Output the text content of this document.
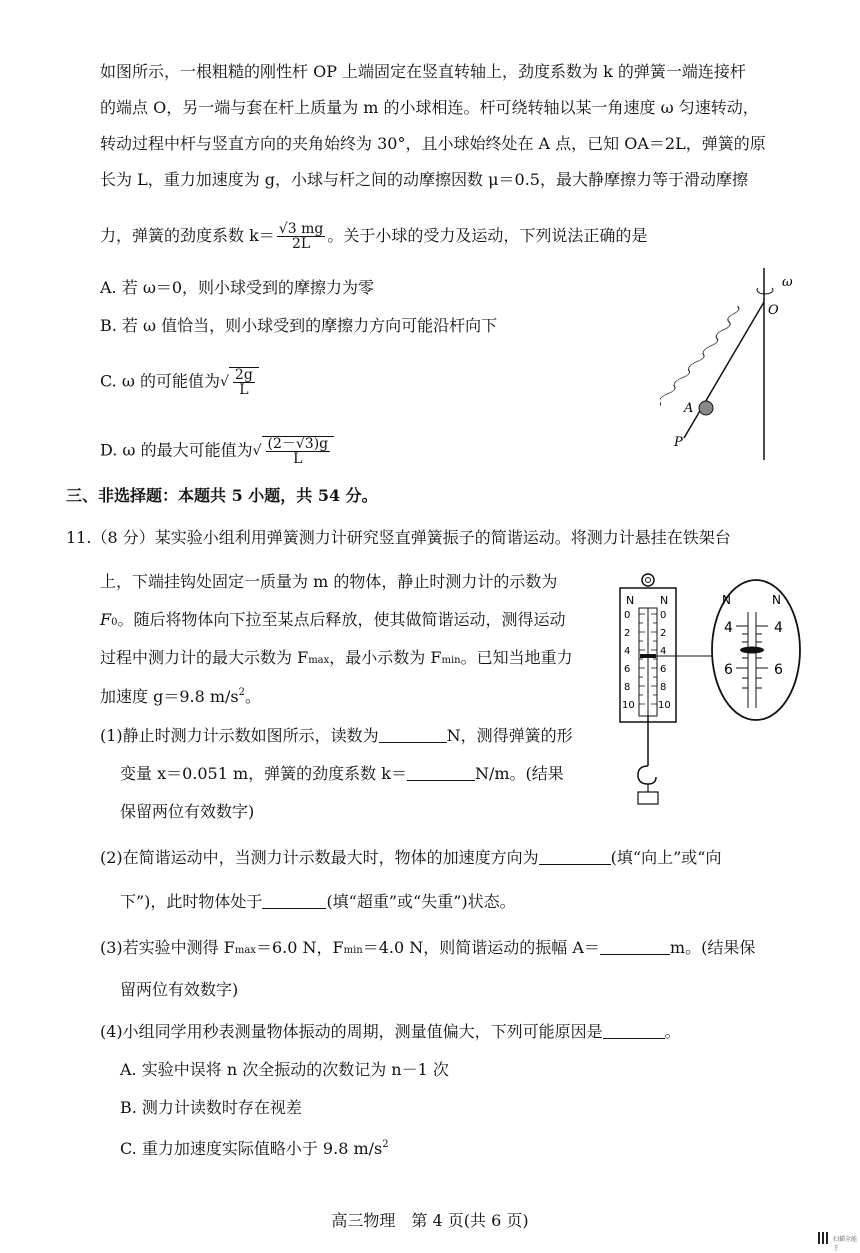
如图所示，一根粗糙的刚性杆 OP 上端固定在竖直转轴上，劲度系数为 k 的弹簧一端连接杆
的端点 O，另一端与套在杆上质量为 m 的小球相连。杆可绕转轴以某一角速度 ω 匀速转动，
转动过程中杆与竖直方向的夹角始终为 30°，且小球始终处在 A 点，已知 OA＝2L，弹簧的原
长为 L，重力加速度为 g，小球与杆之间的动摩擦因数 μ＝0.5，最大静摩擦力等于滑动摩擦
力，弹簧的劲度系数 $k= \frac{√3 mg}{2L}$ 。关于小球的受力及运动，下列说法正确的是
A. 若 ω＝0，则小球受到的摩擦力为零
B. 若 ω 值恰当，则小球受到的摩擦力方向可能沿杆向下
C. ω 的可能值为√ $\frac{2g}{L}$
D. ω 的最大可能值为√ $\frac{(2-√3)g}{L}$
ω
O
A
P
三、非选择题：本题共 5 小题，共 54 分。
11.（8 分）某实验小组利用弹簧测力计研究竖直弹簧振子的简谐运动。将测力计悬挂在铁架台
上，下端挂钩处固定一质量为 m 的物体，静止时测力计的示数为
F0。随后将物体向下拉至某点后释放，使其做简谐运动，测得运动
过程中测力计的最大示数为 Fmax，最小示数为 Fmin。已知当地重力
加速度 g＝9.8 $m/s^2$。
(1)静止时测力计示数如图所示，读数为	N，测得弹簧的形
变量 x＝0.051 m，弹簧的劲度系数 k＝	N/m。(结果
保留两位有效数字)
(2)在简谐运动中，当测力计示数最大时，物体的加速度方向为	(填“向上”或“向
下”)，此时物体处于	(填“超重”或“失重”)状态。
(3)若实验中测得 Fmax＝6.0 N，Fmin＝4.0 N，则简谐运动的振幅 A＝	m。(结果保
留两位有效数字)
(4)小组同学用秒表测量物体振动的周期，测量值偏大，下列可能原因是	。
A. 实验中误将 n 次全振动的次数记为 n－1 次
B. 测力计读数时存在视差
C. 重力加速度实际值略小于 9.8 $m/s^2$
N N
0	0
2	2
4	4
6	6
8	8
10 10
N	N
4	4
6	6
高三物理　第 4 页(共 6 页)
扫描全能王
